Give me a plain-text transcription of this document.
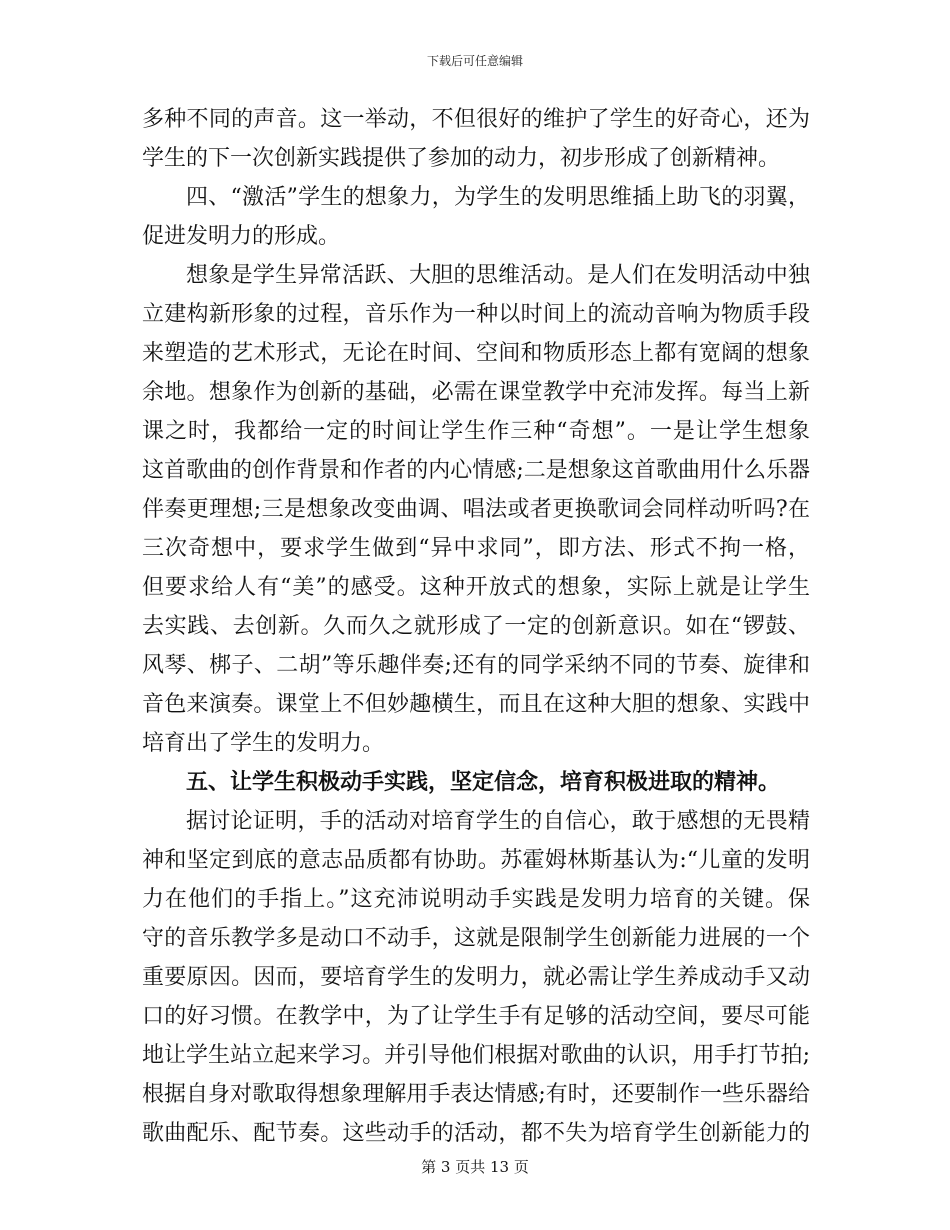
下载后可任意编辑
多种不同的声音。这一举动，不但很好的维护了学生的好奇心，还为
学生的下一次创新实践提供了参加的动力，初步形成了创新精神。
四、“激活”学生的想象力，为学生的发明思维插上助飞的羽翼，
促进发明力的形成。
想象是学生异常活跃、大胆的思维活动。是人们在发明活动中独
立建构新形象的过程，音乐作为一种以时间上的流动音响为物质手段
来塑造的艺术形式，无论在时间、空间和物质形态上都有宽阔的想象
余地。想象作为创新的基础，必需在课堂教学中充沛发挥。每当上新
课之时，我都给一定的时间让学生作三种“奇想”。一是让学生想象
这首歌曲的创作背景和作者的内心情感;二是想象这首歌曲用什么乐器
伴奏更理想;三是想象改变曲调、唱法或者更换歌词会同样动听吗?在
三次奇想中，要求学生做到“异中求同”，即方法、形式不拘一格，
但要求给人有“美”的感受。这种开放式的想象，实际上就是让学生
去实践、去创新。久而久之就形成了一定的创新意识。如在“锣鼓、
风琴、梆子、二胡”等乐趣伴奏;还有的同学采纳不同的节奏、旋律和
音色来演奏。课堂上不但妙趣横生，而且在这种大胆的想象、实践中
培育出了学生的发明力。
五、让学生积极动手实践，坚定信念，培育积极进取的精神。
据讨论证明，手的活动对培育学生的自信心，敢于感想的无畏精
神和坚定到底的意志品质都有协助。苏霍姆林斯基认为:“儿童的发明
力在他们的手指上。”这充沛说明动手实践是发明力培育的关键。保
守的音乐教学多是动口不动手，这就是限制学生创新能力进展的一个
重要原因。因而，要培育学生的发明力，就必需让学生养成动手又动
口的好习惯。在教学中，为了让学生手有足够的活动空间，要尽可能
地让学生站立起来学习。并引导他们根据对歌曲的认识，用手打节拍;
根据自身对歌取得想象理解用手表达情感;有时，还要制作一些乐器给
歌曲配乐、配节奏。这些动手的活动，都不失为培育学生创新能力的
第 3 页共 13 页
